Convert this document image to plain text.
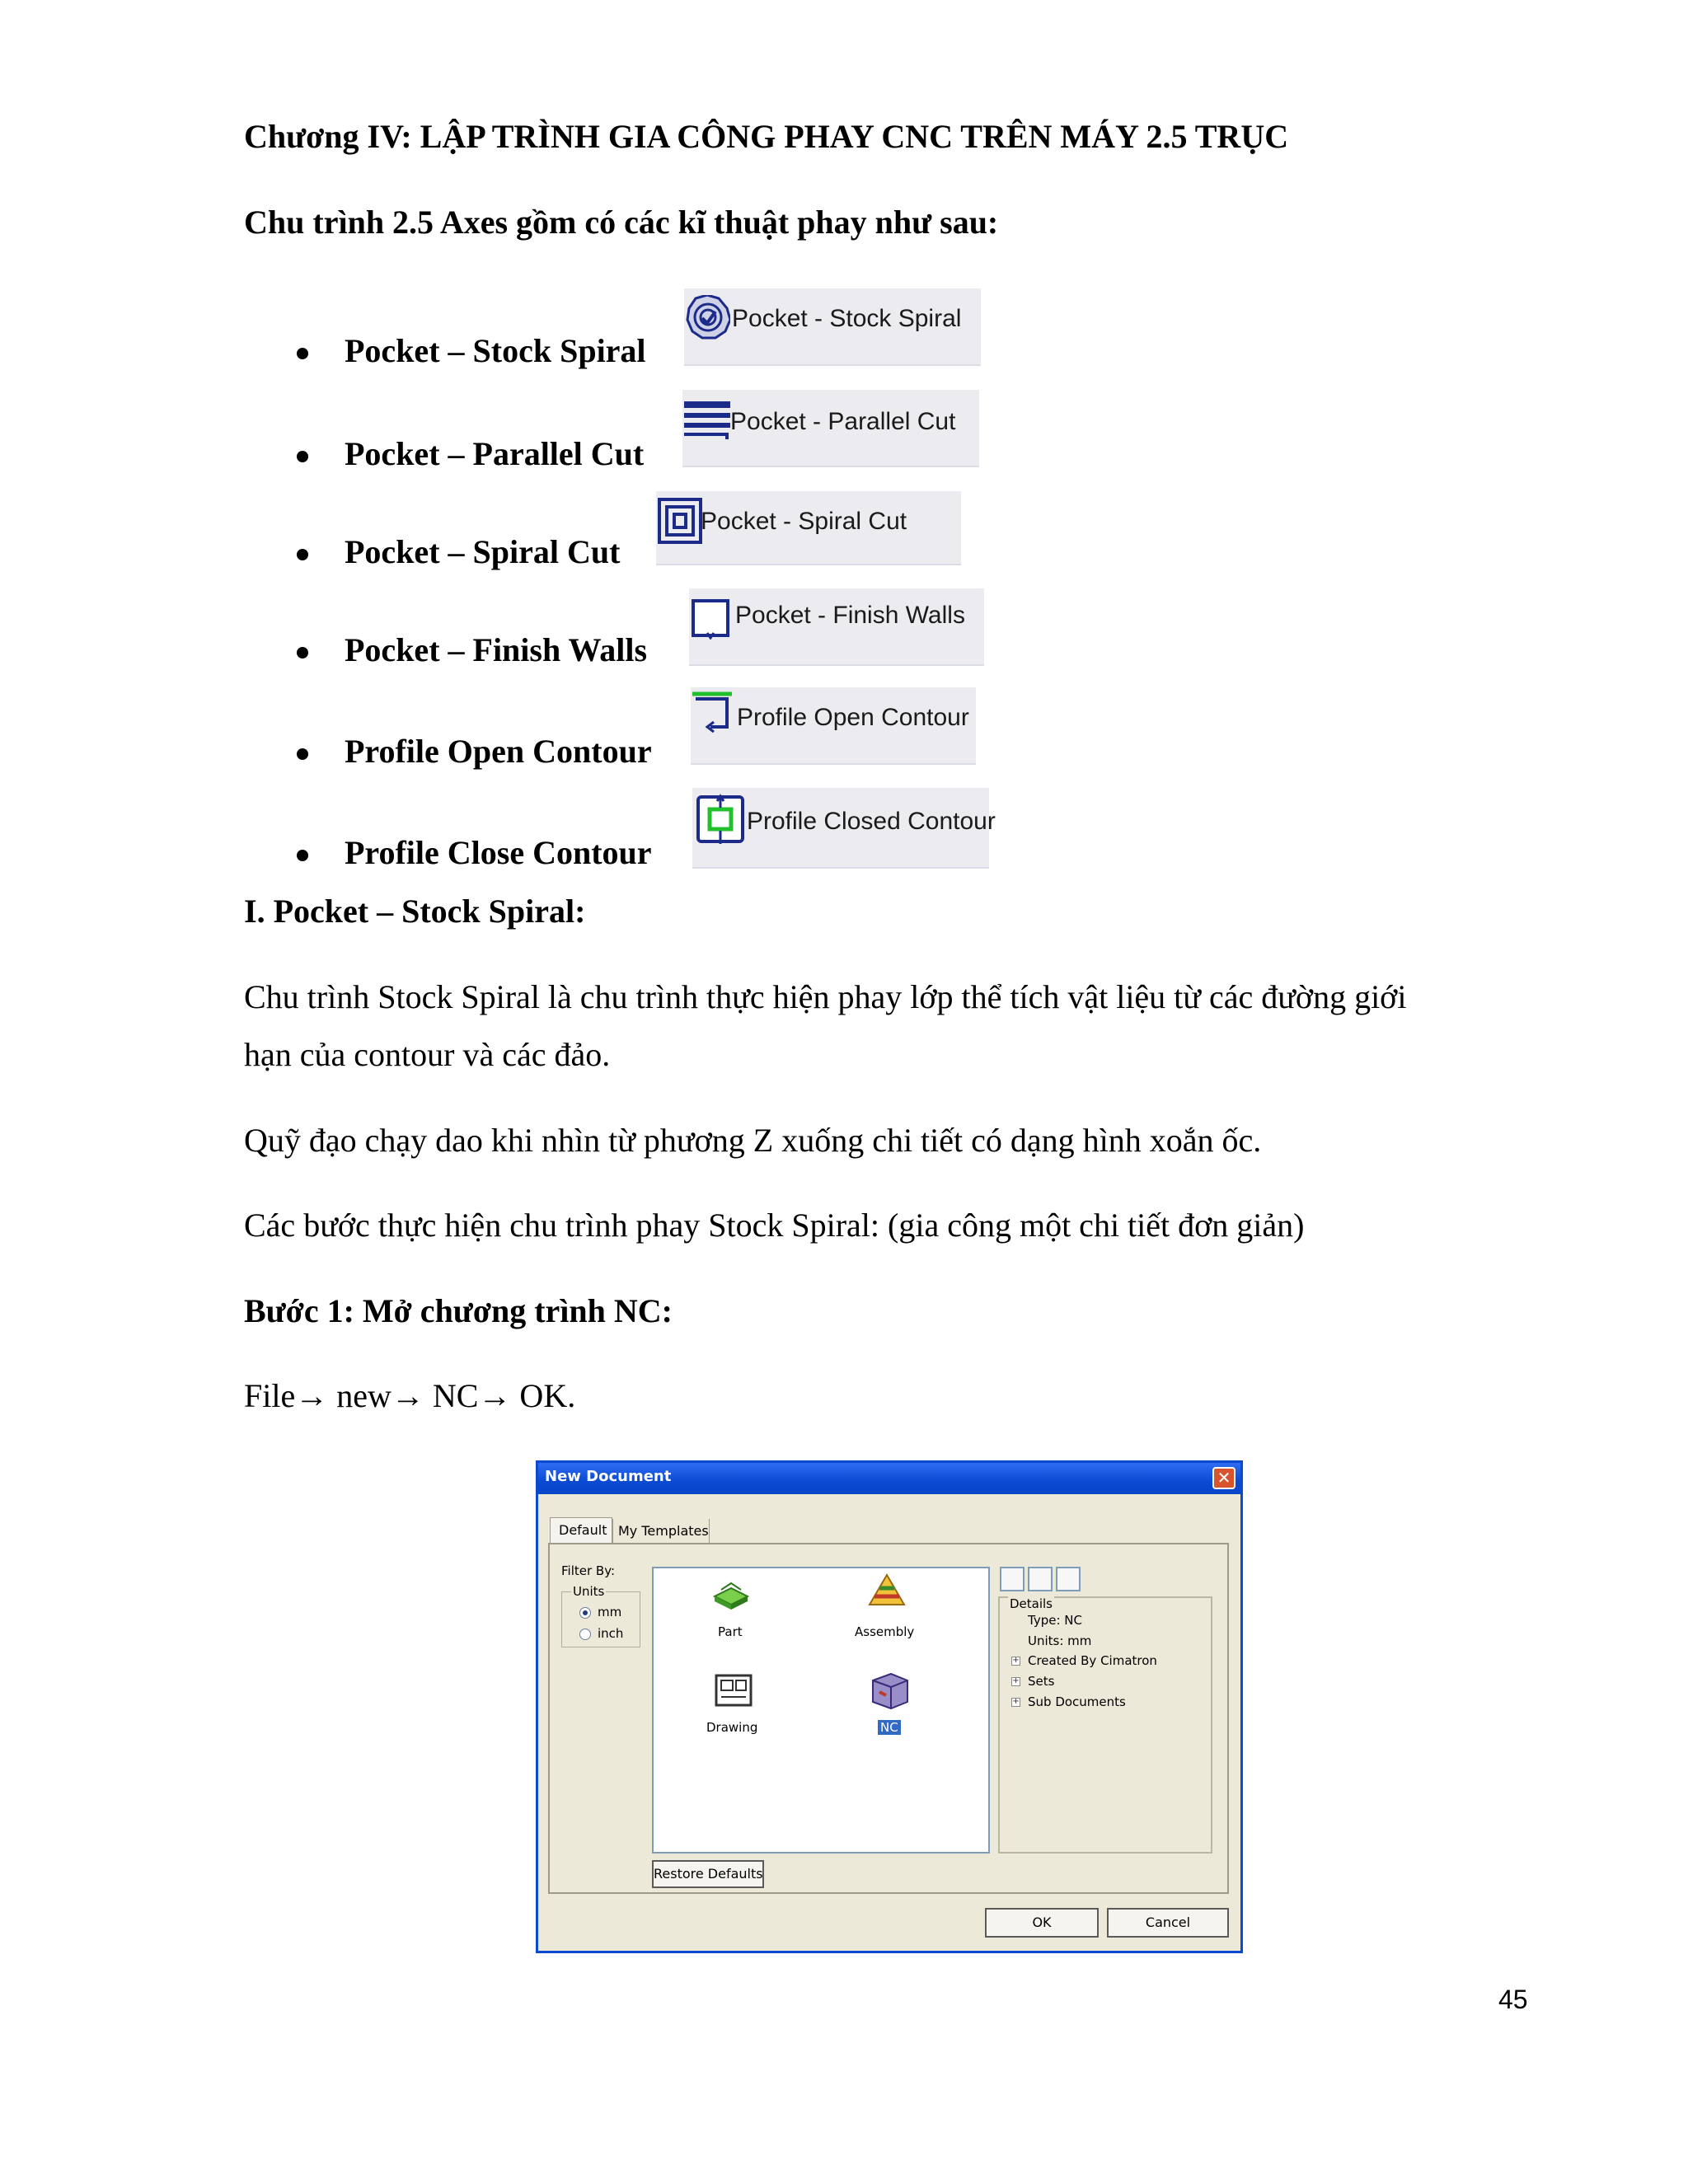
Chương IV: LẬP TRÌNH GIA CÔNG PHAY CNC TRÊN MÁY 2.5 TRỤC
Chu trình 2.5 Axes gồm có các kĩ thuật phay như sau:
Pocket – Stock Spiral
Pocket – Parallel Cut
Pocket – Spiral Cut
Pocket – Finish Walls
Profile Open Contour
Profile Close Contour
Pocket - Stock Spiral
Pocket - Parallel Cut
Pocket - Spiral Cut
Pocket - Finish Walls
Profile Open Contour
Profile Closed Contour
I. Pocket – Stock Spiral:
Chu trình Stock Spiral là chu trình thực hiện phay lớp thể tích vật liệu từ các đường giới
hạn của contour và các đảo.
Quỹ đạo chạy dao khi nhìn từ phương Z xuống chi tiết có dạng hình xoắn ốc.
Các bước thực hiện chu trình phay Stock Spiral: (gia công một chi tiết đơn giản)
Bước 1: Mở chương trình NC:
File→ new→ NC→ OK.
New Document	✕
Default My Templates
Filter By:
Units
mm
inch	Part	Assembly
Drawing	NC
Details
Type: NC
Units: mm
+ Created By Cimatron
+ Sets
+ Sub Documents
Restore Defaults
OK	Cancel
45
